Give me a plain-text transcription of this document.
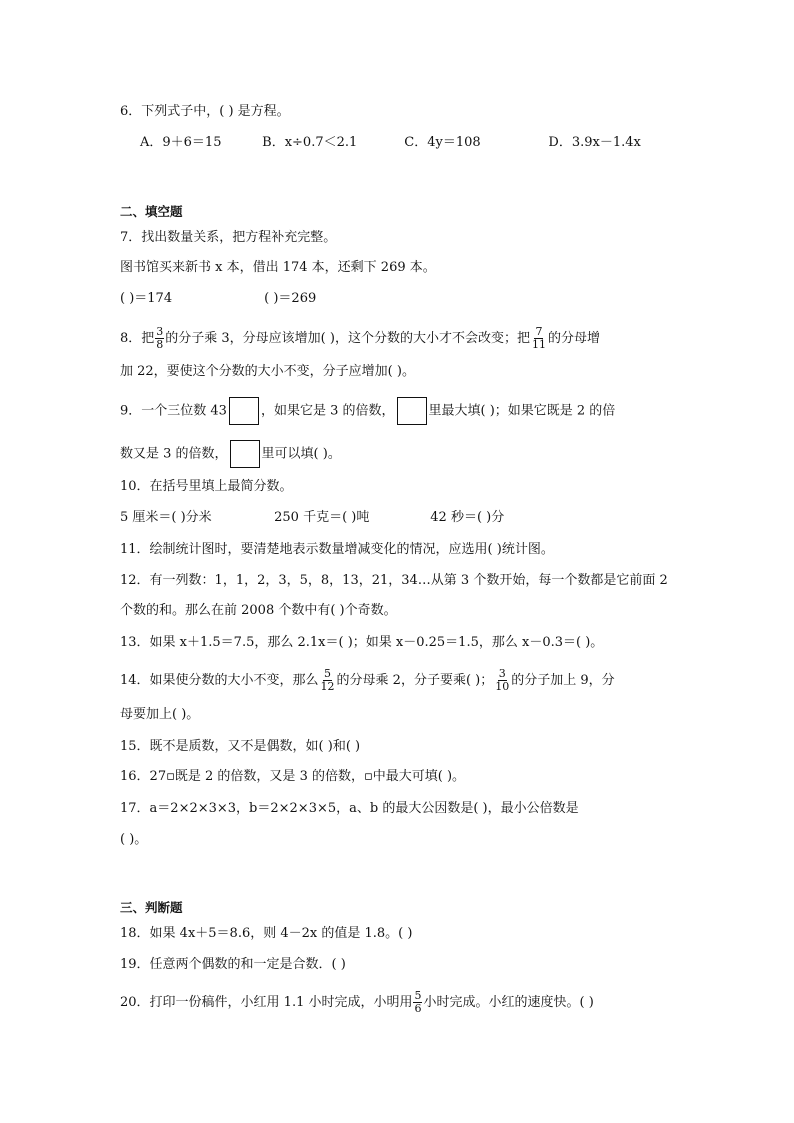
6．下列式子中，( ) 是方程。
A．9＋6＝15	B．x÷0.7＜2.1	C．4y＝108	D．3.9x－1.4x
二、填空题
7．找出数量关系，把方程补充完整。
图书馆买来新书 x 本，借出 174 本，还剩下 269 本。
( )＝174	( )＝269
8．把 $\frac{3}{8}$ 的分子乘 3，分母应该增加( )，这个分数的大小才不会改变；把 $\frac{7}{11}$ 的分母增
加 22，要使这个分数的大小不变，分子应增加( )。
9．一个三位数 43	，如果它是 3 的倍数，	里最大填( )；如果它既是 2 的倍
数又是 3 的倍数，	里可以填( )。
10．在括号里填上最简分数。
5 厘米＝( )分米	250 千克＝( )吨	42 秒＝( )分
11．绘制统计图时，要清楚地表示数量增减变化的情况，应选用( )统计图。
12．有一列数：1，1，2，3，5，8，13，21，34…从第 3 个数开始，每一个数都是它前面 2
个数的和。那么在前 2008 个数中有( )个奇数。
13．如果 x＋1.5＝7.5，那么 2.1x＝( )；如果 x－0.25＝1.5，那么 x－0.3＝( )。
14．如果使分数的大小不变，那么 $\frac{5}{12}$ 的分母乘 2，分子要乘( )； $\frac{3}{10}$ 的分子加上 9，分
母要加上( )。
15．既不是质数，又不是偶数，如( )和( )
16．27▫既是 2 的倍数，又是 3 的倍数，▫中最大可填( )。
17．a＝2×2×3×3，b＝2×2×3×5，a、b 的最大公因数是( )，最小公倍数是
( )。
三、判断题
18．如果 4x＋5＝8.6，则 4－2x 的值是 1.8。( )
19．任意两个偶数的和一定是合数．( )
20．打印一份稿件，小红用 1.1 小时完成，小明用 $\frac{5}{6}$ 小时完成。小红的速度快。( )
